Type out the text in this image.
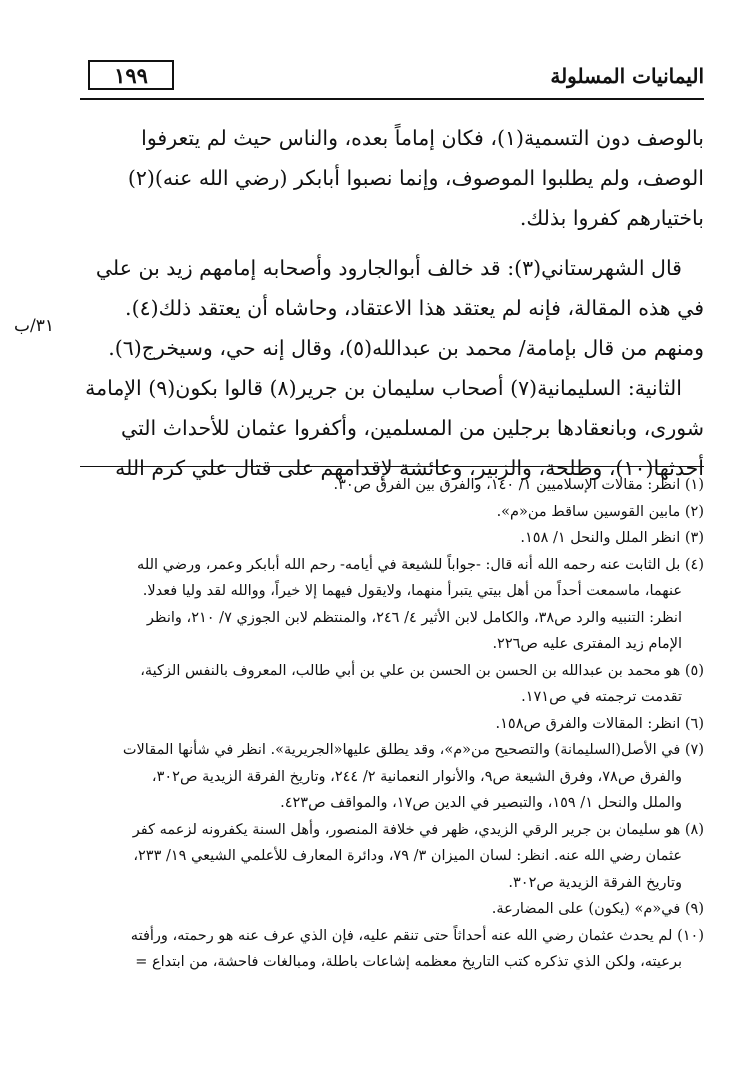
١٩٩	اليمانيات المسلولة
٣١/ب
بالوصف دون التسمية(١)، فكان إماماً بعده، والناس حيث لم يتعرفوا
الوصف، ولم يطلبوا الموصوف، وإنما نصبوا أبابكر (رضي الله عنه)(٢)
باختيارهم كفروا بذلك.
قال الشهرستاني(٣): قد خالف أبوالجارود وأصحابه إمامهم زيد بن علي
في هذه المقالة، فإنه لم يعتقد هذا الاعتقاد، وحاشاه أن يعتقد ذلك(٤).
ومنهم من قال بإمامة/ محمد بن عبدالله(٥)، وقال إنه حي، وسيخرج(٦).
الثانية: السليمانية(٧) أصحاب سليمان بن جرير(٨) قالوا بكون(٩) الإمامة
شورى، وبانعقادها برجلين من المسلمين، وأكفروا عثمان للأحداث التي
أحدثها(١٠)، وطلحة، والزبير، وعائشة لإقدامهم على قتال علي كرم الله
(١) انظر: مقالات الإسلاميين ١/ ١٤٠، والفرق بين الفرق ص٣٠.
(٢) مابين القوسين ساقط من«م».
(٣) انظر الملل والنحل ١/ ١٥٨.
(٤) بل الثابت عنه رحمه الله أنه قال: -جواباً للشيعة في أيامه- رحم الله أبابكر وعمر، ورضي الله
عنهما، ماسمعت أحداً من أهل بيتي يتبرأ منهما، ولايقول فيهما إلا خيراً، ووالله لقد وليا فعدلا.
انظر: التنبيه والرد ص٣٨، والكامل لابن الأثير ٤/ ٢٤٦، والمنتظم لابن الجوزي ٧/ ٢١٠، وانظر
الإمام زيد المفترى عليه ص٢٢٦.
(٥) هو محمد بن عبدالله بن الحسن بن الحسن بن علي بن أبي طالب، المعروف بالنفس الزكية،
تقدمت ترجمته في ص١٧١.
(٦) انظر: المقالات والفرق ص١٥٨.
(٧) في الأصل(السليمانة) والتصحيح من«م»، وقد يطلق عليها«الجريرية». انظر في شأنها المقالات
والفرق ص٧٨، وفرق الشيعة ص٩، والأنوار النعمانية ٢/ ٢٤٤، وتاريخ الفرقة الزيدية ص٣٠٢،
والملل والنحل ١/ ١٥٩، والتبصير في الدين ص١٧، والمواقف ص٤٢٣.
(٨) هو سليمان بن جرير الرقي الزيدي، ظهر في خلافة المنصور، وأهل السنة يكفرونه لزعمه كفر
عثمان رضي الله عنه. انظر: لسان الميزان ٣/ ٧٩، ودائرة المعارف للأعلمي الشيعي ١٩/ ٢٣٣،
وتاريخ الفرقة الزيدية ص٣٠٢.
(٩) في«م» (يكون) على المضارعة.
(١٠) لم يحدث عثمان رضي الله عنه أحداثاً حتى تنقم عليه، فإن الذي عرف عنه هو رحمته، ورأفته
برعيته، ولكن الذي تذكره كتب التاريخ معظمه إشاعات باطلة، ومبالغات فاحشة، من ابتداع =
